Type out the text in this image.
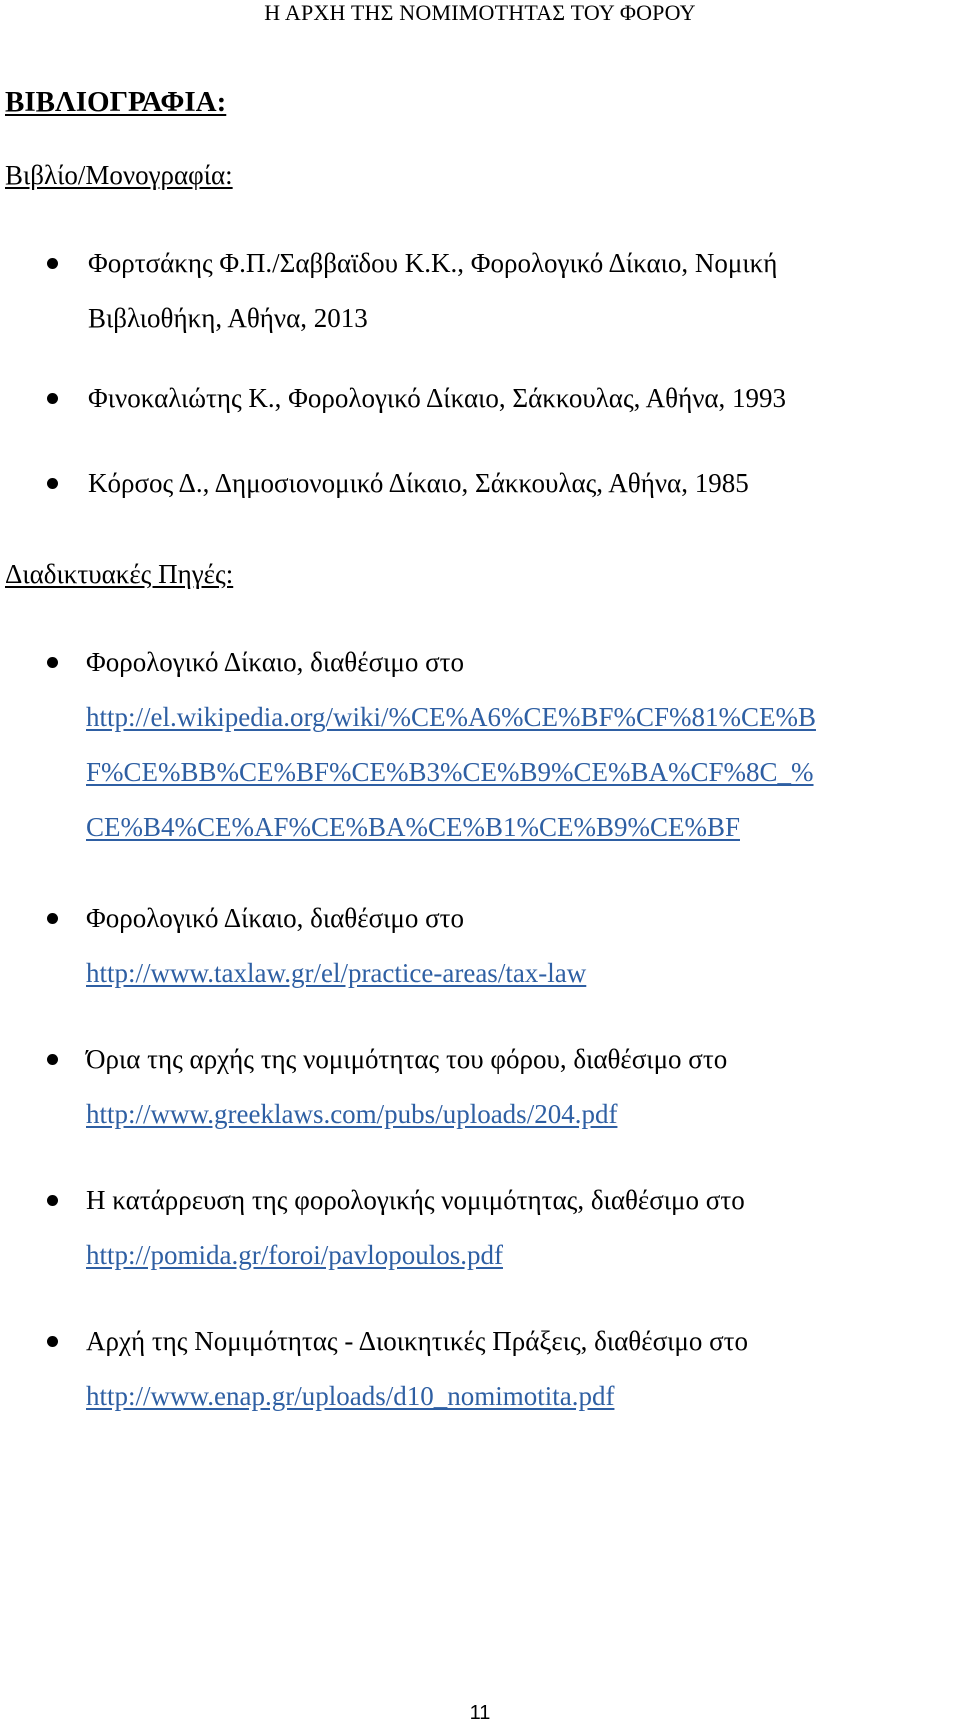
Η ΑΡΧΗ ΤΗΣ ΝΟΜΙΜΟΤΗΤΑΣ ΤΟΥ ΦΟΡΟΥ
ΒΙΒΛΙΟΓΡΑΦΙΑ:
Βιβλίο/Μονογραφία:
Φορτσάκης Φ.Π./Σαββαϊδου Κ.Κ., Φορολογικό Δίκαιο, Νομική
Βιβλιοθήκη, Αθήνα, 2013
Φινοκαλιώτης Κ., Φορολογικό Δίκαιο, Σάκκουλας, Αθήνα, 1993
Κόρσος Δ., Δημοσιονομικό Δίκαιο, Σάκκουλας, Αθήνα, 1985
Διαδικτυακές Πηγές:
Φορολογικό Δίκαιο, διαθέσιμο στο
http://el.wikipedia.org/wiki/%CE%A6%CE%BF%CF%81%CE%B
F%CE%BB%CE%BF%CE%B3%CE%B9%CE%BA%CF%8C_%
CE%B4%CE%AF%CE%BA%CE%B1%CE%B9%CE%BF
Φορολογικό Δίκαιο, διαθέσιμο στο
http://www.taxlaw.gr/el/practice-areas/tax-law
Όρια της αρχής της νομιμότητας του φόρου, διαθέσιμο στο
http://www.greeklaws.com/pubs/uploads/204.pdf
Η κατάρρευση της φορολογικής νομιμότητας, διαθέσιμο στο
http://pomida.gr/foroi/pavlopoulos.pdf
Αρχή της Νομιμότητας - Διοικητικές Πράξεις, διαθέσιμο στο
http://www.enap.gr/uploads/d10_nomimotita.pdf
11
